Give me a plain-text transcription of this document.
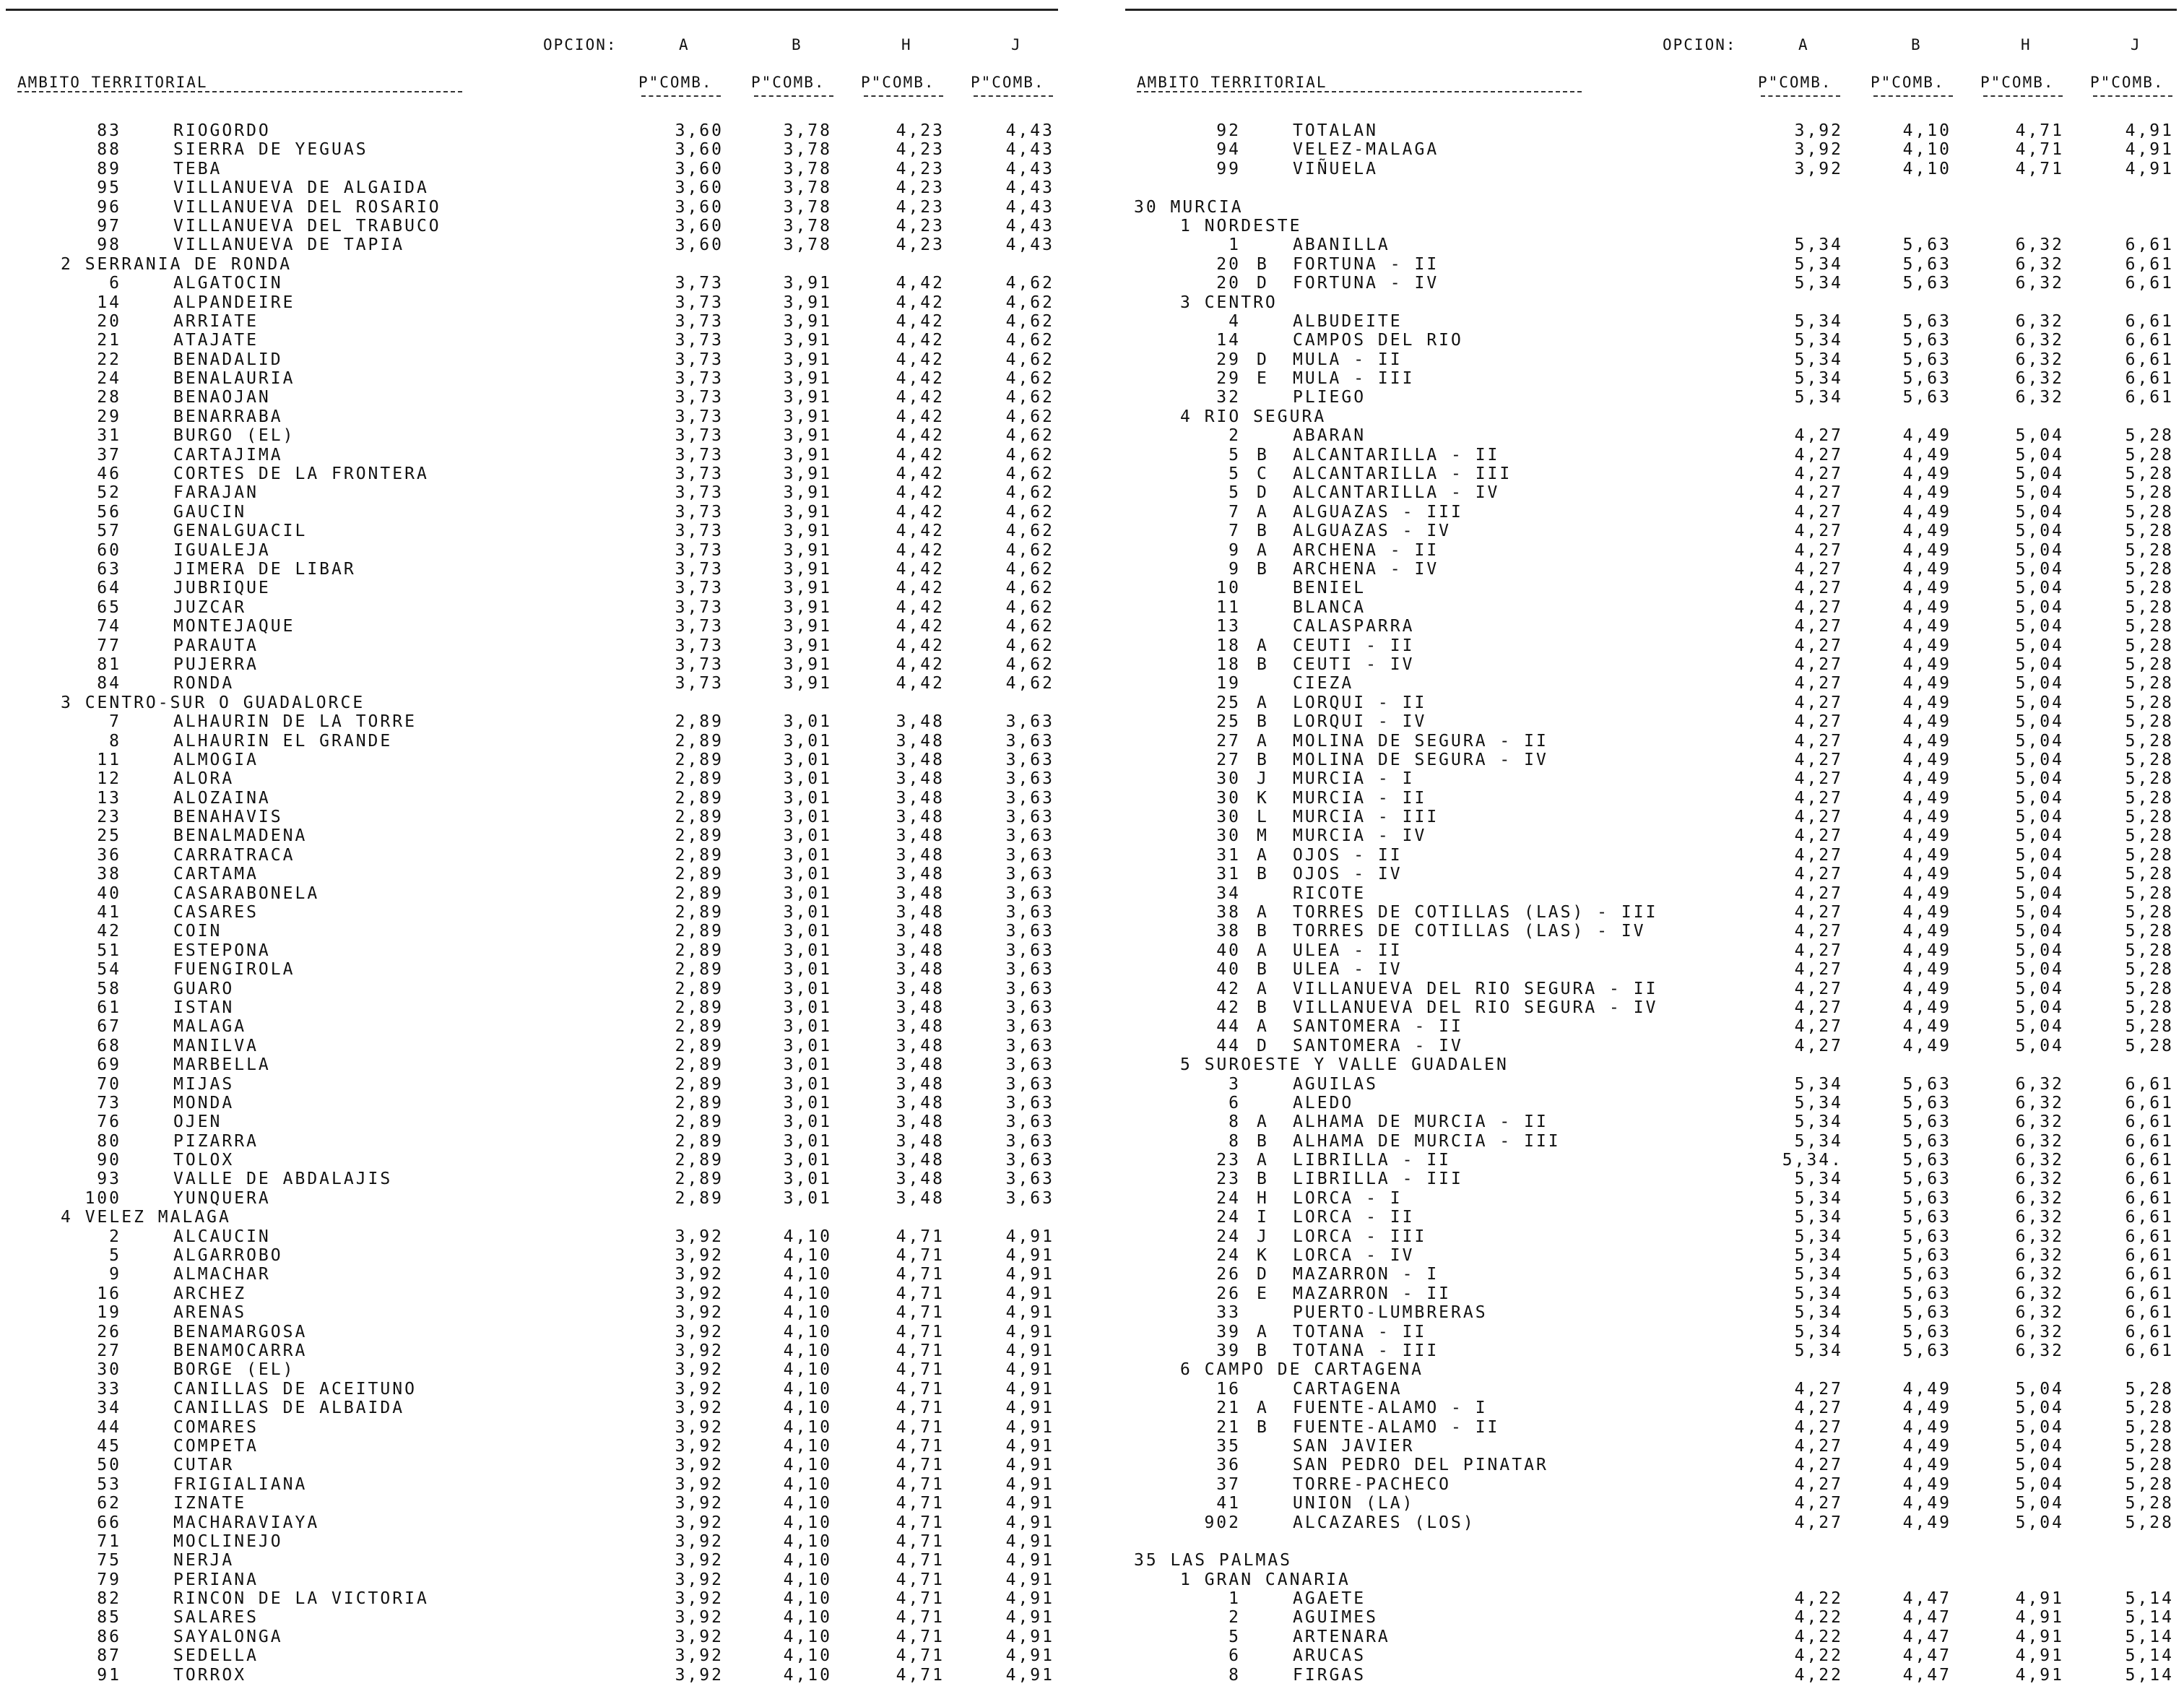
OPCION:	A	B	H	J
AMBITO TERRITORIAL	P"COMB.	P"COMB. P"COMB. P"COMB.
83	RIOGORDO	3,60	3,78	4,23	4,43
88	SIERRA DE YEGUAS	3,60	3,78	4,23	4,43
89	TEBA	3,60	3,78	4,23	4,43
95	VILLANUEVA DE ALGAIDA	3,60	3,78	4,23	4,43
96	VILLANUEVA DEL ROSARIO	3,60	3,78	4,23	4,43
97	VILLANUEVA DEL TRABUCO	3,60	3,78	4,23	4,43
98	VILLANUEVA DE TAPIA	3,60	3,78	4,23	4,43
2 SERRANIA DE RONDA
6	ALGATOCIN	3,73	3,91	4,42	4,62
14	ALPANDEIRE	3,73	3,91	4,42	4,62
20	ARRIATE	3,73	3,91	4,42	4,62
21	ATAJATE	3,73	3,91	4,42	4,62
22	BENADALID	3,73	3,91	4,42	4,62
24	BENALAURIA	3,73	3,91	4,42	4,62
28	BENAOJAN	3,73	3,91	4,42	4,62
29	BENARRABA	3,73	3,91	4,42	4,62
31	BURGO (EL)	3,73	3,91	4,42	4,62
37	CARTAJIMA	3,73	3,91	4,42	4,62
46	CORTES DE LA FRONTERA	3,73	3,91	4,42	4,62
52	FARAJAN	3,73	3,91	4,42	4,62
56	GAUCIN	3,73	3,91	4,42	4,62
57	GENALGUACIL	3,73	3,91	4,42	4,62
60	IGUALEJA	3,73	3,91	4,42	4,62
63	JIMERA DE LIBAR	3,73	3,91	4,42	4,62
64	JUBRIQUE	3,73	3,91	4,42	4,62
65	JUZCAR	3,73	3,91	4,42	4,62
74	MONTEJAQUE	3,73	3,91	4,42	4,62
77	PARAUTA	3,73	3,91	4,42	4,62
81	PUJERRA	3,73	3,91	4,42	4,62
84	RONDA	3,73	3,91	4,42	4,62
3 CENTRO-SUR O GUADALORCE
7	ALHAURIN DE LA TORRE	2,89	3,01	3,48	3,63
8	ALHAURIN EL GRANDE	2,89	3,01	3,48	3,63
11	ALMOGIA	2,89	3,01	3,48	3,63
12	ALORA	2,89	3,01	3,48	3,63
13	ALOZAINA	2,89	3,01	3,48	3,63
23	BENAHAVIS	2,89	3,01	3,48	3,63
25	BENALMADENA	2,89	3,01	3,48	3,63
36	CARRATRACA	2,89	3,01	3,48	3,63
38	CARTAMA	2,89	3,01	3,48	3,63
40	CASARABONELA	2,89	3,01	3,48	3,63
41	CASARES	2,89	3,01	3,48	3,63
42	COIN	2,89	3,01	3,48	3,63
51	ESTEPONA	2,89	3,01	3,48	3,63
54	FUENGIROLA	2,89	3,01	3,48	3,63
58	GUARO	2,89	3,01	3,48	3,63
61	ISTAN	2,89	3,01	3,48	3,63
67	MALAGA	2,89	3,01	3,48	3,63
68	MANILVA	2,89	3,01	3,48	3,63
69	MARBELLA	2,89	3,01	3,48	3,63
70	MIJAS	2,89	3,01	3,48	3,63
73	MONDA	2,89	3,01	3,48	3,63
76	OJEN	2,89	3,01	3,48	3,63
80	PIZARRA	2,89	3,01	3,48	3,63
90	TOLOX	2,89	3,01	3,48	3,63
93	VALLE DE ABDALAJIS	2,89	3,01	3,48	3,63
100	YUNQUERA	2,89	3,01	3,48	3,63
4 VELEZ MALAGA
2	ALCAUCIN	3,92	4,10	4,71	4,91
5	ALGARROBO	3,92	4,10	4,71	4,91
9	ALMACHAR	3,92	4,10	4,71	4,91
16	ARCHEZ	3,92	4,10	4,71	4,91
19	ARENAS	3,92	4,10	4,71	4,91
26	BENAMARGOSA	3,92	4,10	4,71	4,91
27	BENAMOCARRA	3,92	4,10	4,71	4,91
30	BORGE (EL)	3,92	4,10	4,71	4,91
33	CANILLAS DE ACEITUNO	3,92	4,10	4,71	4,91
34	CANILLAS DE ALBAIDA	3,92	4,10	4,71	4,91
44	COMARES	3,92	4,10	4,71	4,91
45	COMPETA	3,92	4,10	4,71	4,91
50	CUTAR	3,92	4,10	4,71	4,91
53	FRIGIALIANA	3,92	4,10	4,71	4,91
62	IZNATE	3,92	4,10	4,71	4,91
66	MACHARAVIAYA	3,92	4,10	4,71	4,91
71	MOCLINEJO	3,92	4,10	4,71	4,91
75	NERJA	3,92	4,10	4,71	4,91
79	PERIANA	3,92	4,10	4,71	4,91
82	RINCON DE LA VICTORIA	3,92	4,10	4,71	4,91
85	SALARES	3,92	4,10	4,71	4,91
86	SAYALONGA	3,92	4,10	4,71	4,91
87	SEDELLA	3,92	4,10	4,71	4,91
91	TORROX	3,92	4,10	4,71	4,91
OPCION:	A	B	H	J
AMBITO TERRITORIAL	P"COMB.	P"COMB. P"COMB. P"COMB.
92	TOTALAN	3,92	4,10	4,71	4,91
94	VELEZ-MALAGA	3,92	4,10	4,71	4,91
99	VIÑUELA	3,92	4,10	4,71	4,91
30 MURCIA
1 NORDESTE
1	ABANILLA	5,34	5,63	6,32	6,61
20 B FORTUNA - II	5,34	5,63	6,32	6,61
20 D FORTUNA - IV	5,34	5,63	6,32	6,61
3 CENTRO
4	ALBUDEITE	5,34	5,63	6,32	6,61
14	CAMPOS DEL RIO	5,34	5,63	6,32	6,61
29 D MULA - II	5,34	5,63	6,32	6,61
29 E MULA - III	5,34	5,63	6,32	6,61
32	PLIEGO	5,34	5,63	6,32	6,61
4 RIO SEGURA
2	ABARAN	4,27	4,49	5,04	5,28
5 B ALCANTARILLA - II	4,27	4,49	5,04	5,28
5 C ALCANTARILLA - III	4,27	4,49	5,04	5,28
5 D ALCANTARILLA - IV	4,27	4,49	5,04	5,28
7 A ALGUAZAS - III	4,27	4,49	5,04	5,28
7 B ALGUAZAS - IV	4,27	4,49	5,04	5,28
9 A ARCHENA - II	4,27	4,49	5,04	5,28
9 B ARCHENA - IV	4,27	4,49	5,04	5,28
10	BENIEL	4,27	4,49	5,04	5,28
11	BLANCA	4,27	4,49	5,04	5,28
13	CALASPARRA	4,27	4,49	5,04	5,28
18 A CEUTI - II	4,27	4,49	5,04	5,28
18 B CEUTI - IV	4,27	4,49	5,04	5,28
19	CIEZA	4,27	4,49	5,04	5,28
25 A LORQUI - II	4,27	4,49	5,04	5,28
25 B LORQUI - IV	4,27	4,49	5,04	5,28
27 A MOLINA DE SEGURA - II	4,27	4,49	5,04	5,28
27 B MOLINA DE SEGURA - IV	4,27	4,49	5,04	5,28
30 J MURCIA - I	4,27	4,49	5,04	5,28
30 K MURCIA - II	4,27	4,49	5,04	5,28
30 L MURCIA - III	4,27	4,49	5,04	5,28
30 M MURCIA - IV	4,27	4,49	5,04	5,28
31 A OJOS - II	4,27	4,49	5,04	5,28
31 B OJOS - IV	4,27	4,49	5,04	5,28
34	RICOTE	4,27	4,49	5,04	5,28
38 A TORRES DE COTILLAS (LAS) - III	4,27	4,49	5,04	5,28
38 B TORRES DE COTILLAS (LAS) - IV	4,27	4,49	5,04	5,28
40 A ULEA - II	4,27	4,49	5,04	5,28
40 B ULEA - IV	4,27	4,49	5,04	5,28
42 A VILLANUEVA DEL RIO SEGURA - II	4,27	4,49	5,04	5,28
42 B VILLANUEVA DEL RIO SEGURA - IV	4,27	4,49	5,04	5,28
44 A SANTOMERA - II	4,27	4,49	5,04	5,28
44 D SANTOMERA - IV	4,27	4,49	5,04	5,28
5 SUROESTE Y VALLE GUADALEN
3	AGUILAS	5,34	5,63	6,32	6,61
6	ALEDO	5,34	5,63	6,32	6,61
8 A ALHAMA DE MURCIA - II	5,34	5,63	6,32	6,61
8 B ALHAMA DE MURCIA - III	5,34	5,63	6,32	6,61
23 A LIBRILLA - II	5,34.	5,63	6,32	6,61
23 B LIBRILLA - III	5,34	5,63	6,32	6,61
24 H LORCA - I	5,34	5,63	6,32	6,61
24 I LORCA - II	5,34	5,63	6,32	6,61
24 J LORCA - III	5,34	5,63	6,32	6,61
24 K LORCA - IV	5,34	5,63	6,32	6,61
26 D MAZARRON - I	5,34	5,63	6,32	6,61
26 E MAZARRON - II	5,34	5,63	6,32	6,61
33	PUERTO-LUMBRERAS	5,34	5,63	6,32	6,61
39 A TOTANA - II	5,34	5,63	6,32	6,61
39 B TOTANA - III	5,34	5,63	6,32	6,61
6 CAMPO DE CARTAGENA
16	CARTAGENA	4,27	4,49	5,04	5,28
21 A FUENTE-ALAMO - I	4,27	4,49	5,04	5,28
21 B FUENTE-ALAMO - II	4,27	4,49	5,04	5,28
35	SAN JAVIER	4,27	4,49	5,04	5,28
36	SAN PEDRO DEL PINATAR	4,27	4,49	5,04	5,28
37	TORRE-PACHECO	4,27	4,49	5,04	5,28
41	UNION (LA)	4,27	4,49	5,04	5,28
902	ALCAZARES (LOS)	4,27	4,49	5,04	5,28
35 LAS PALMAS
1 GRAN CANARIA
1	AGAETE	4,22	4,47	4,91	5,14
2	AGUIMES	4,22	4,47	4,91	5,14
5	ARTENARA	4,22	4,47	4,91	5,14
6	ARUCAS	4,22	4,47	4,91	5,14
8	FIRGAS	4,22	4,47	4,91	5,14
